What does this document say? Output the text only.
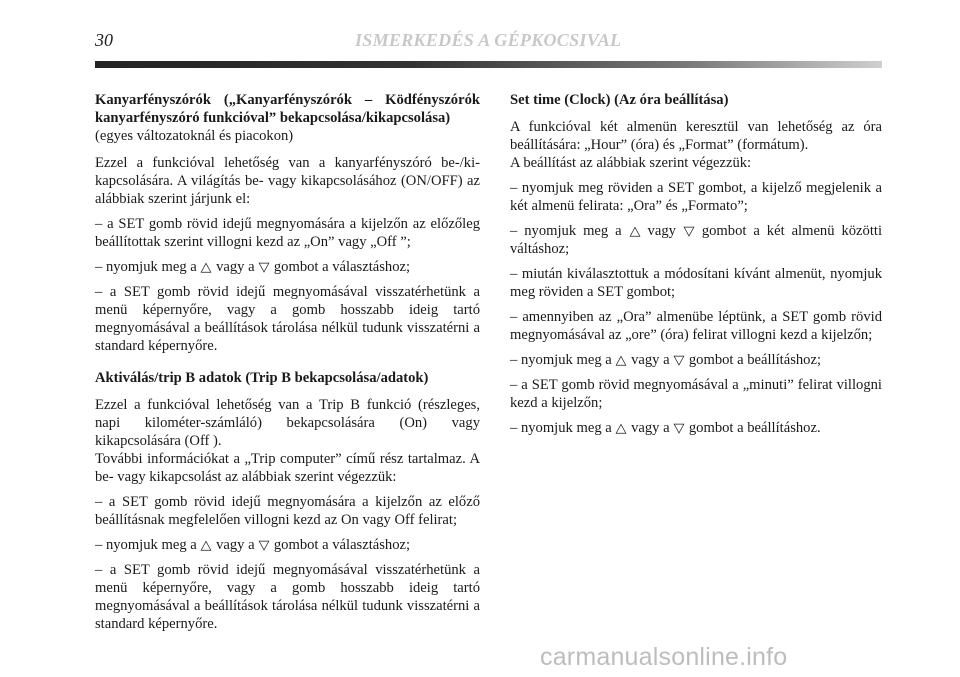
30	ISMERKEDÉS A GÉPKOCSIVAL

Kanyarfényszórók („Kanyarfényszórók – Ködfényszórók kanyarfényszóró funkcióval” bekapcsolása/kikapcsolása)

(egyes változatoknál és piacokon)

Ezzel a funkcióval lehetőség van a kanyarfényszóró be-/ki-kapcsolására. A világítás be- vagy kikapcsolásához (ON/OFF) az alábbiak szerint járjunk el:

– a SET gomb rövid idejű megnyomására a kijelzőn az előzőleg beállítottak szerint villogni kezd az „On” vagy „Off ”;

– nyomjuk meg a △ vagy a ▽ gombot a választáshoz;

– a SET gomb rövid idejű megnyomásával visszatérhetünk a menü képernyőre, vagy a gomb hosszabb ideig tartó megnyomásával a beállítások tárolása nélkül tudunk visszatérni a standard képernyőre.

Aktiválás/trip B adatok (Trip B bekapcsolása/adatok)

Ezzel a funkcióval lehetőség van a Trip B funkció (részleges, napi kilométer-számláló) bekapcsolására (On) vagy kikapcsolására (Off ).

További információkat a „Trip computer” című rész tartalmaz. A be- vagy kikapcsolást az alábbiak szerint végezzük:

– a SET gomb rövid idejű megnyomására a kijelzőn az előző beállításnak megfelelően villogni kezd az On vagy Off felirat;

– nyomjuk meg a △ vagy a ▽ gombot a választáshoz;

– a SET gomb rövid idejű megnyomásával visszatérhetünk a menü képernyőre, vagy a gomb hosszabb ideig tartó megnyomásával a beállítások tárolása nélkül tudunk visszatérni a standard képernyőre.

Set time (Clock) (Az óra beállítása)

A funkcióval két almenün keresztül van lehetőség az óra beállítására: „Hour” (óra) és „Format” (formátum).

A beállítást az alábbiak szerint végezzük:

– nyomjuk meg röviden a SET gombot, a kijelző megjelenik a két almenü felirata: „Ora” és „Formato”;

– nyomjuk meg a △ vagy ▽ gombot a két almenü közötti váltáshoz;

– miután kiválasztottuk a módosítani kívánt almenüt, nyomjuk meg röviden a SET gombot;

– amennyiben az „Ora” almenübe léptünk, a SET gomb rövid megnyomásával az „ore” (óra) felirat villogni kezd a kijelzőn;

– nyomjuk meg a △ vagy a ▽ gombot a beállításhoz;

– a SET gomb rövid megnyomásával a „minuti” felirat villogni kezd a kijelzőn;

– nyomjuk meg a △ vagy a ▽ gombot a beállításhoz.

carmanualsonline.info
